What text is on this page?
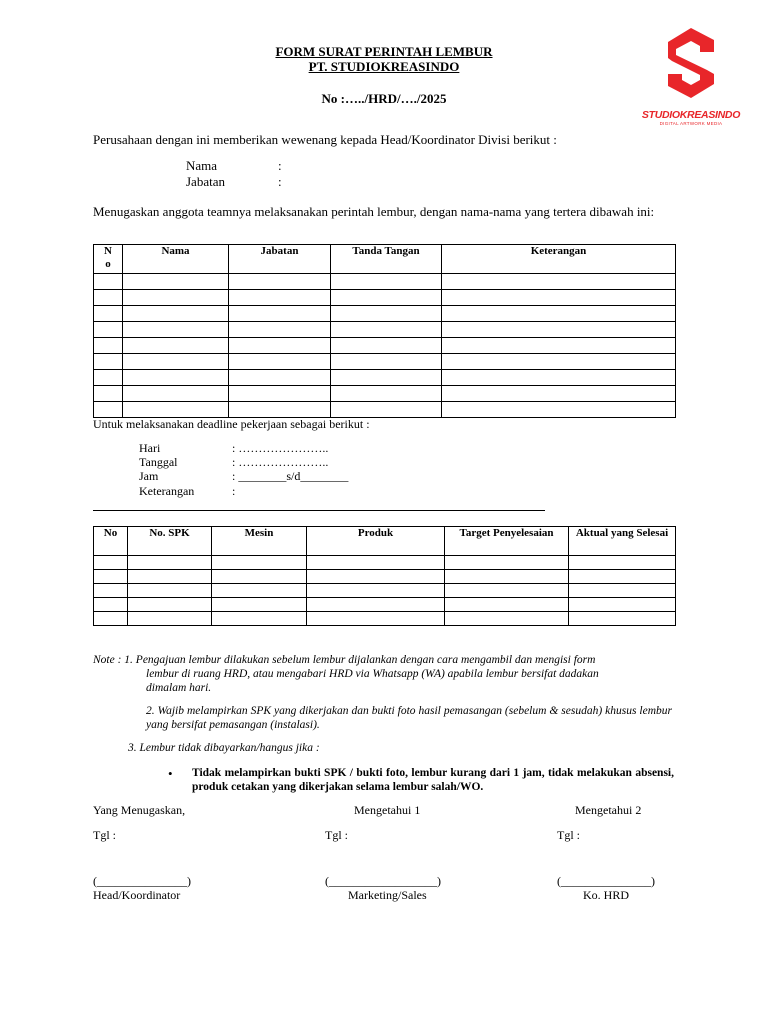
FORM SURAT PERINTAH LEMBUR
PT. STUDIOKREASINDO
No :…../HRD/…./2025
STUDIOKREASINDO
DIGITAL ARTWORK MEDIA
Perusahaan dengan ini memberikan wewenang kepada Head/Koordinator Divisi berikut :
Nama	:
Jabatan	:
Menugaskan anggota teamnya melaksanakan perintah lembur, dengan nama-nama yang tertera dibawah ini:
N o	Nama	Jabatan	Tanda Tangan	Keterangan

Untuk melaksanakan deadline pekerjaan sebagai berikut :
Hari	: …………………..
Tanggal	: …………………..
Jam	: ________s/d________
Keterangan	:
No	No. SPK	Mesin	Produk	Target Penyelesaian	Aktual yang Selesai

Note : 1. Pengajuan lembur dilakukan sebelum lembur dijalankan dengan cara mengambil dan mengisi form
lembur di ruang HRD, atau mengabari HRD via Whatsapp (WA) apabila lembur bersifat dadakan
dimalam hari.
2. Wajib melampirkan SPK yang dikerjakan dan bukti foto hasil pemasangan (sebelum & sesudah) khusus lembur yang bersifat pemasangan (instalasi).
3. Lembur tidak dibayarkan/hangus jika :
• Tidak melampirkan bukti SPK / bukti foto, lembur kurang dari 1 jam, tidak melakukan absensi, produk cetakan yang dikerjakan selama lembur salah/WO.
Yang Menugaskan,	Mengetahui 1	Mengetahui 2
Tgl :	Tgl :	Tgl :
(_______________)	(__________________)	(_______________)
Head/Koordinator	Marketing/Sales	Ko. HRD
